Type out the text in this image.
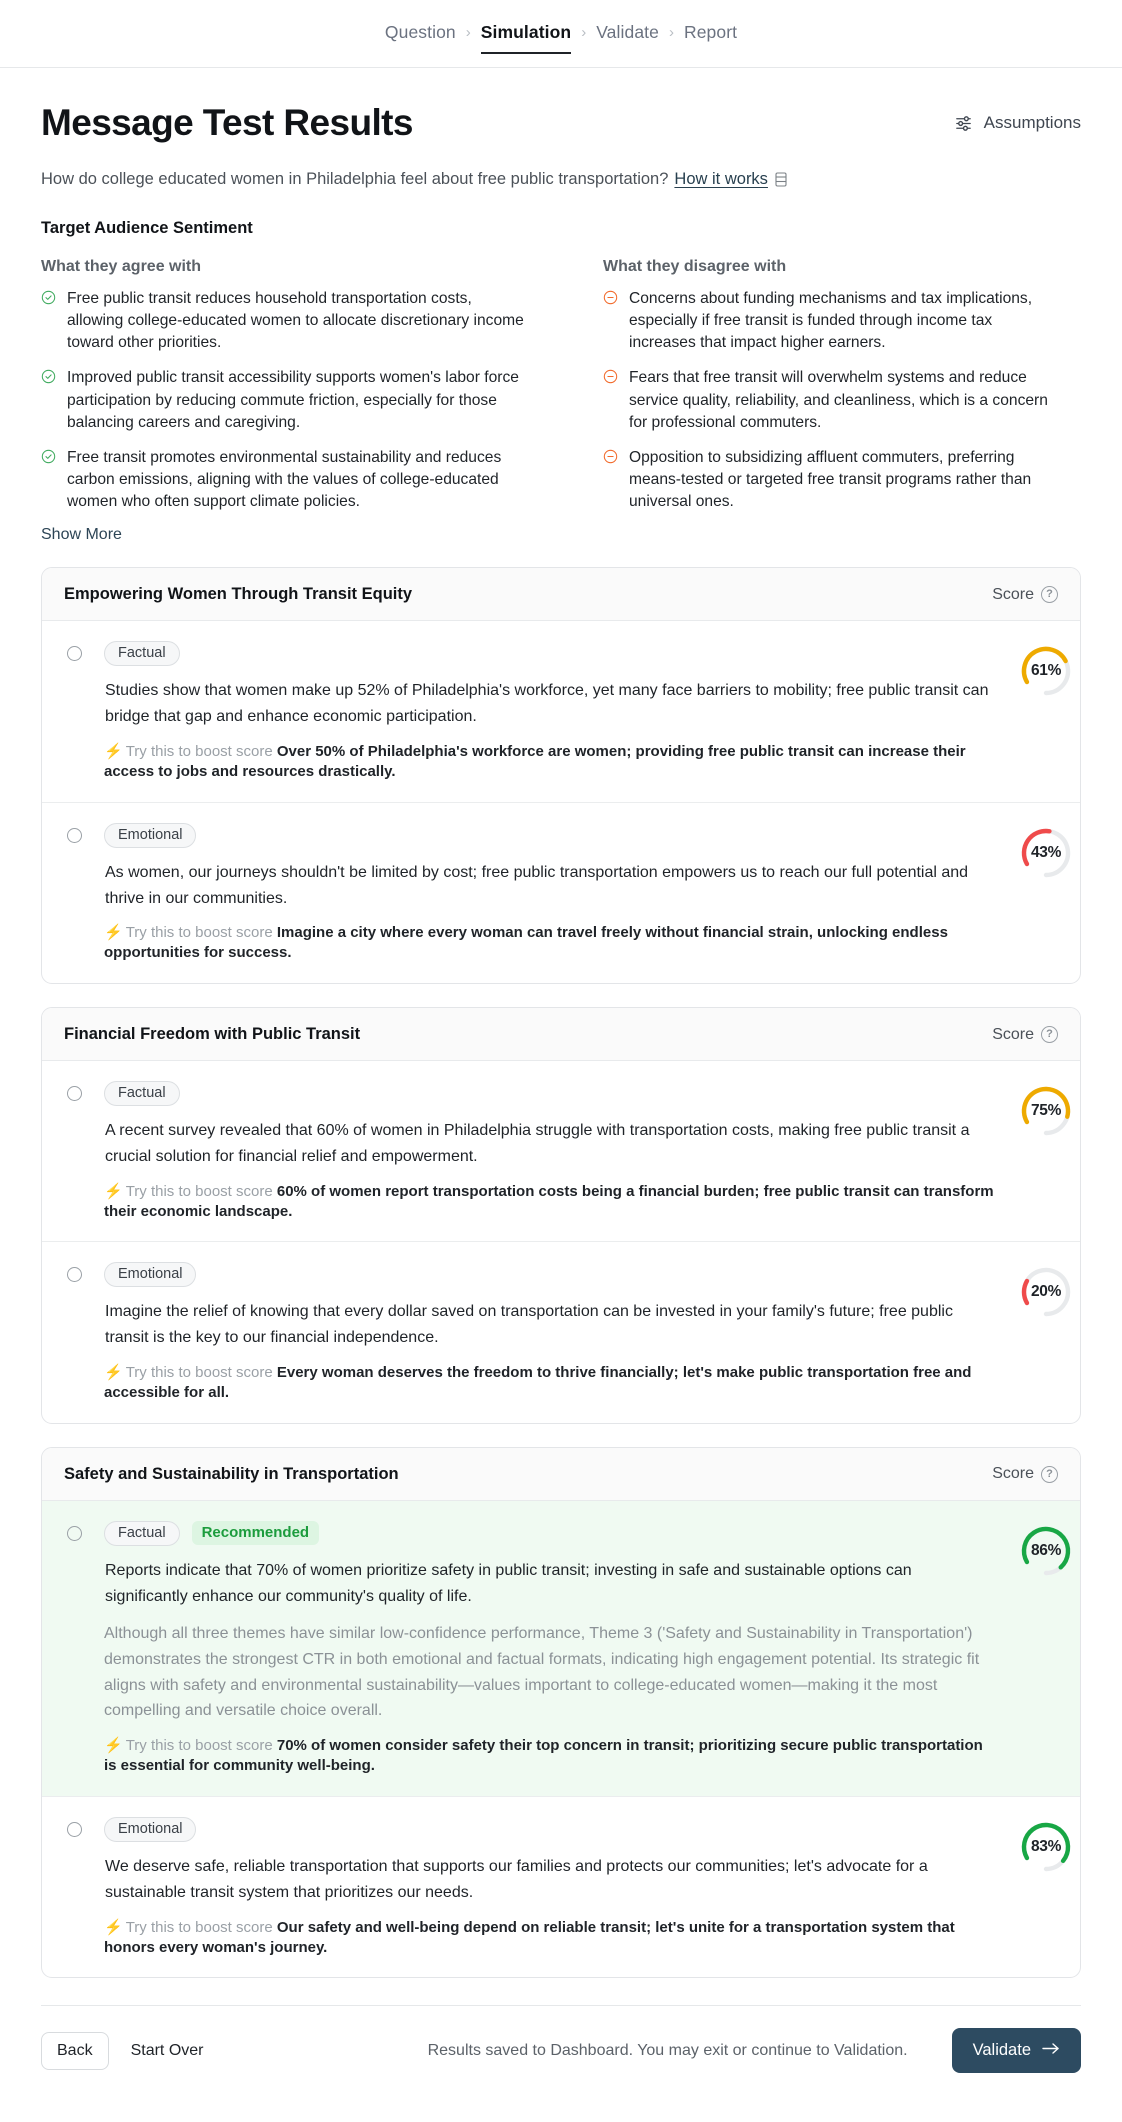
Question › Simulation › Validate › Report
Message Test Results	Assumptions
How do college educated women in Philadelphia feel about free public transportation? How it works
Target Audience Sentiment
What they agree with
Free public transit reduces household transportation costs, allowing college-educated women to allocate discretionary income toward other priorities.
Improved public transit accessibility supports women's labor force participation by reducing commute friction, especially for those balancing careers and caregiving.
Free transit promotes environmental sustainability and reduces carbon emissions, aligning with the values of college-educated women who often support climate policies.
Show More
What they disagree with
Concerns about funding mechanisms and tax implications, especially if free transit is funded through income tax increases that impact higher earners.
Fears that free transit will overwhelm systems and reduce service quality, reliability, and cleanliness, which is a concern for professional commuters.
Opposition to subsidizing affluent commuters, preferring means-tested or targeted free transit programs rather than universal ones.
Empowering Women Through Transit Equity	Score	?
Factual
Studies show that women make up 52% of Philadelphia's workforce, yet many face barriers to mobility; free public transit can bridge that gap and enhance economic participation.
⚡ Try this to boost score Over 50% of Philadelphia's workforce are women; providing free public transit can increase their access to jobs and resources drastically.
61%
Emotional
As women, our journeys shouldn't be limited by cost; free public transportation empowers us to reach our full potential and thrive in our communities.
⚡ Try this to boost score Imagine a city where every woman can travel freely without financial strain, unlocking endless opportunities for success.
43%
Financial Freedom with Public Transit	Score	?
Factual
A recent survey revealed that 60% of women in Philadelphia struggle with transportation costs, making free public transit a crucial solution for financial relief and empowerment.
⚡ Try this to boost score 60% of women report transportation costs being a financial burden; free public transit can transform their economic landscape.
75%
Emotional
Imagine the relief of knowing that every dollar saved on transportation can be invested in your family's future; free public transit is the key to our financial independence.
⚡ Try this to boost score Every woman deserves the freedom to thrive financially; let's make public transportation free and accessible for all.
20%
Safety and Sustainability in Transportation	Score	?
Factual	Recommended
Reports indicate that 70% of women prioritize safety in public transit; investing in safe and sustainable options can significantly enhance our community's quality of life.
Although all three themes have similar low-confidence performance, Theme 3 ('Safety and Sustainability in Transportation') demonstrates the strongest CTR in both emotional and factual formats, indicating high engagement potential. Its strategic fit aligns with safety and environmental sustainability—values important to college-educated women—making it the most compelling and versatile choice overall.
⚡ Try this to boost score 70% of women consider safety their top concern in transit; prioritizing secure public transportation is essential for community well-being.
86%
Emotional
We deserve safe, reliable transportation that supports our families and protects our communities; let's advocate for a sustainable transit system that prioritizes our needs.
⚡ Try this to boost score Our safety and well-being depend on reliable transit; let's unite for a transportation system that honors every woman's journey.
83%
Back	Start Over	Results saved to Dashboard. You may exit or continue to Validation.	Validate
